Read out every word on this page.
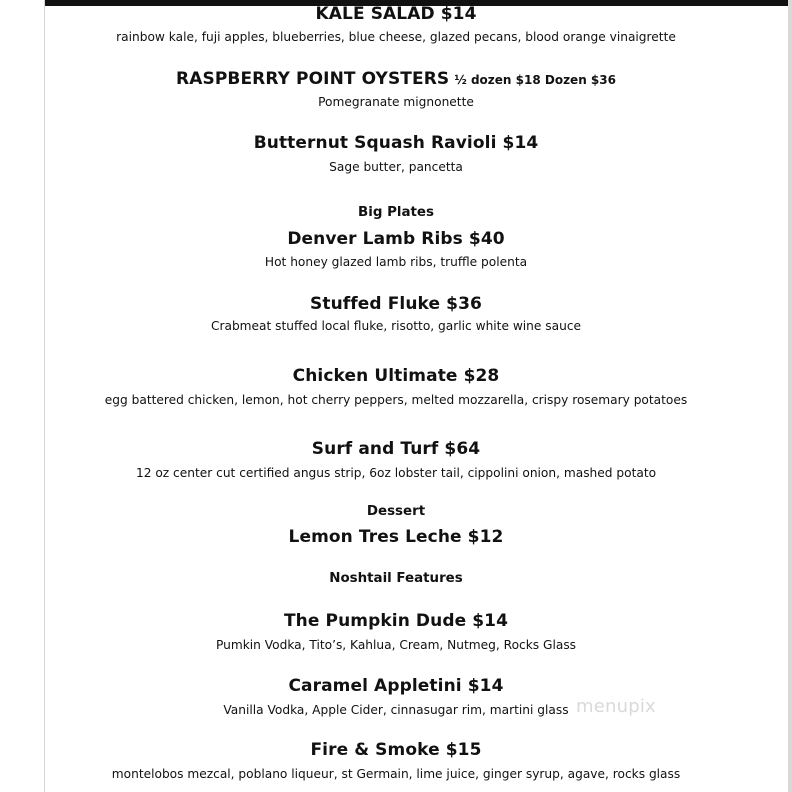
KALE SALAD $14
rainbow kale, fuji apples, blueberries, blue cheese, glazed pecans, blood orange vinaigrette
RASPBERRY POINT OYSTERS ½ dozen $18 Dozen $36
Pomegranate mignonette
Butternut Squash Ravioli $14
Sage butter, pancetta
Big Plates
Denver Lamb Ribs $40
Hot honey glazed lamb ribs, truffle polenta
Stuffed Fluke $36
Crabmeat stuffed local fluke, risotto, garlic white wine sauce
Chicken Ultimate $28
egg battered chicken, lemon, hot cherry peppers, melted mozzarella, crispy rosemary potatoes
Surf and Turf $64
12 oz center cut certified angus strip, 6oz lobster tail, cippolini onion, mashed potato
Dessert
Lemon Tres Leche $12
Noshtail Features
The Pumpkin Dude $14
Pumkin Vodka, Tito’s, Kahlua, Cream, Nutmeg, Rocks Glass
Caramel Appletini $14
Vanilla Vodka, Apple Cider, cinnasugar rim, martini glass
Fire & Smoke $15
montelobos mezcal, poblano liqueur, st Germain, lime juice, ginger syrup, agave, rocks glass
menupix
